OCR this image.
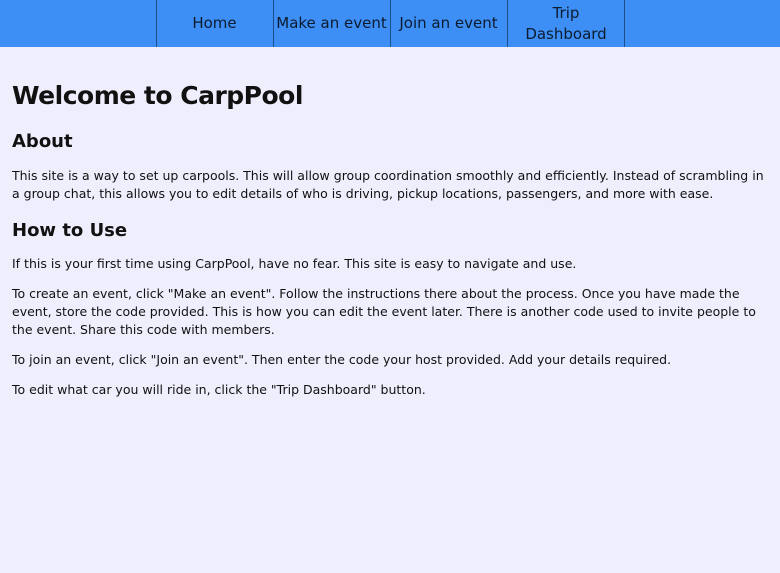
Home	Make an event Join an event
Trip Dashboard
Welcome to CarpPool
About

This site is a way to set up carpools. This will allow group coordination smoothly and efficiently. Instead of scrambling in a group chat, this allows you to edit details of who is driving, pickup locations, passengers, and more with ease.

How to Use

If this is your first time using CarpPool, have no fear. This site is easy to navigate and use.

To create an event, click "Make an event". Follow the instructions there about the process. Once you have made the event, store the code provided. This is how you can edit the event later. There is another code used to invite people to the event. Share this code with members.

To join an event, click "Join an event". Then enter the code your host provided. Add your details required.

To edit what car you will ride in, click the "Trip Dashboard" button.
